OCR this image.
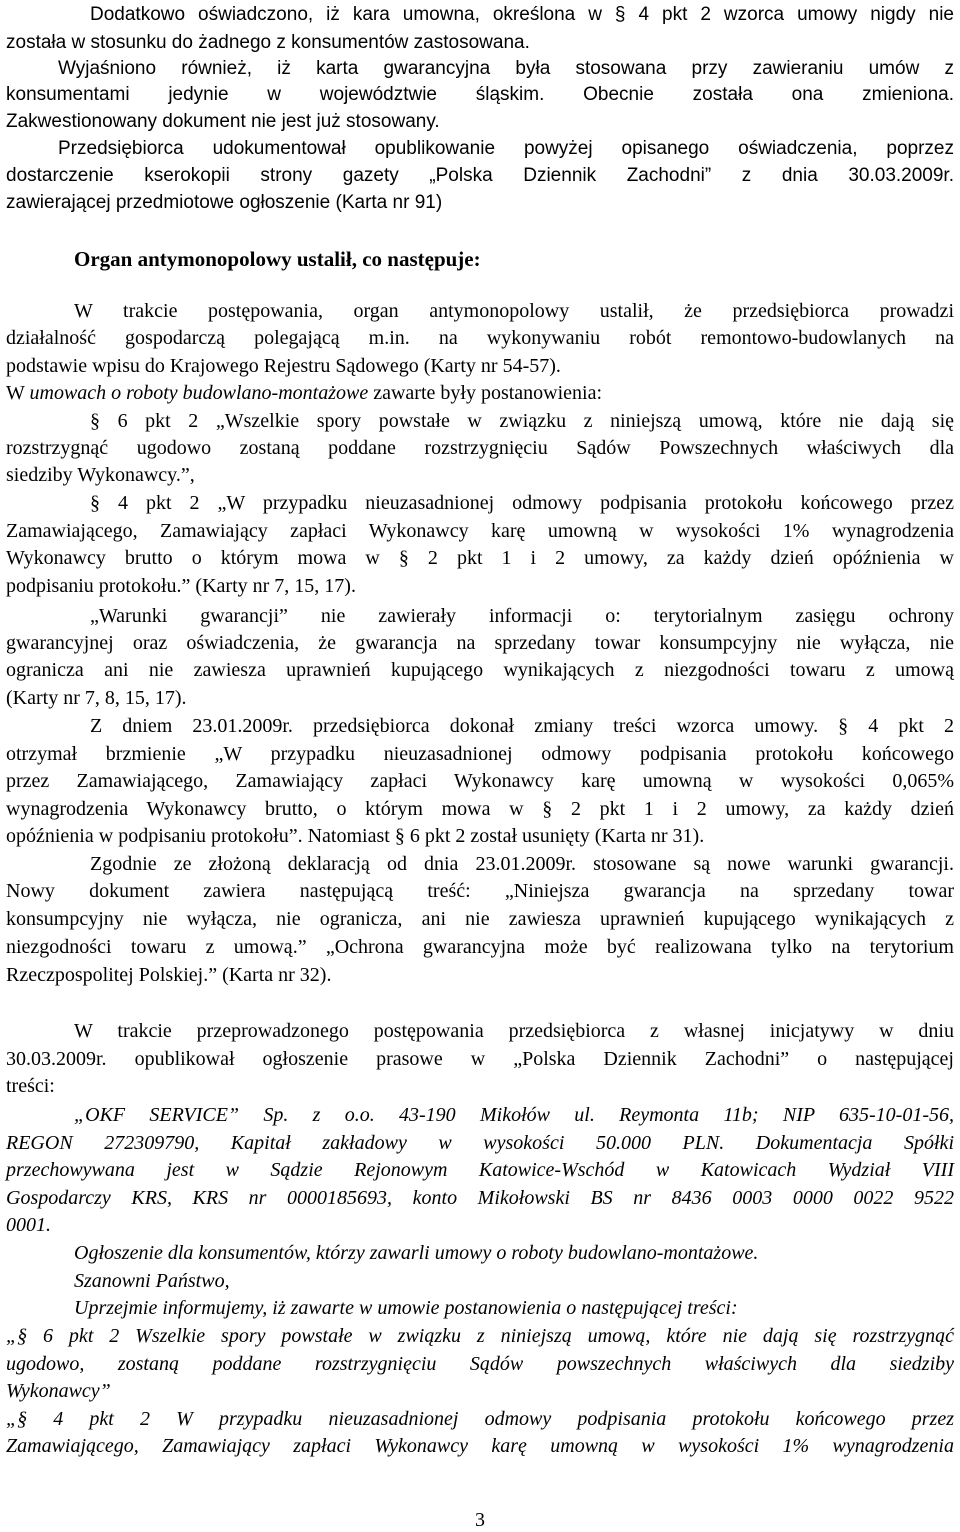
Dodatkowo oświadczono, iż kara umowna, określona w § 4 pkt 2 wzorca umowy nigdy nie
została w stosunku do żadnego z konsumentów zastosowana.
Wyjaśniono również, iż karta gwarancyjna była stosowana przy zawieraniu umów z
konsumentami jedynie w województwie śląskim. Obecnie została ona zmieniona.
Zakwestionowany dokument nie jest już stosowany.
Przedsiębiorca udokumentował opublikowanie powyżej opisanego oświadczenia, poprzez
dostarczenie kserokopii strony gazety „Polska Dziennik Zachodni” z dnia 30.03.2009r.
zawierającej przedmiotowe ogłoszenie (Karta nr 91)
Organ antymonopolowy ustalił, co następuje:
W trakcie postępowania, organ antymonopolowy ustalił, że przedsiębiorca prowadzi
działalność gospodarczą polegającą m.in. na wykonywaniu robót remontowo-budowlanych na
podstawie wpisu do Krajowego Rejestru Sądowego (Karty nr 54-57).
W umowach o roboty budowlano-montażowe zawarte były postanowienia:
§ 6 pkt 2 „Wszelkie spory powstałe w związku z niniejszą umową, które nie dają się
rozstrzygnąć ugodowo zostaną poddane rozstrzygnięciu Sądów Powszechnych właściwych dla
siedziby Wykonawcy.”,
§ 4 pkt 2 „W przypadku nieuzasadnionej odmowy podpisania protokołu końcowego przez
Zamawiającego, Zamawiający zapłaci Wykonawcy karę umowną w wysokości 1% wynagrodzenia
Wykonawcy brutto o którym mowa w § 2 pkt 1 i 2 umowy, za każdy dzień opóźnienia w
podpisaniu protokołu.” (Karty nr 7, 15, 17).
„Warunki gwarancji” nie zawierały informacji o: terytorialnym zasięgu ochrony
gwarancyjnej oraz oświadczenia, że gwarancja na sprzedany towar konsumpcyjny nie wyłącza, nie
ogranicza ani nie zawiesza uprawnień kupującego wynikających z niezgodności towaru z umową
(Karty nr 7, 8, 15, 17).
Z dniem 23.01.2009r. przedsiębiorca dokonał zmiany treści wzorca umowy. § 4 pkt 2
otrzymał brzmienie „W przypadku nieuzasadnionej odmowy podpisania protokołu końcowego
przez Zamawiającego, Zamawiający zapłaci Wykonawcy karę umowną w wysokości 0,065%
wynagrodzenia Wykonawcy brutto, o którym mowa w § 2 pkt 1 i 2 umowy, za każdy dzień
opóźnienia w podpisaniu protokołu”. Natomiast § 6 pkt 2 został usunięty (Karta nr 31).
Zgodnie ze złożoną deklaracją od dnia 23.01.2009r. stosowane są nowe warunki gwarancji.
Nowy dokument zawiera następującą treść: „Niniejsza gwarancja na sprzedany towar
konsumpcyjny nie wyłącza, nie ogranicza, ani nie zawiesza uprawnień kupującego wynikających z
niezgodności towaru z umową.” „Ochrona gwarancyjna może być realizowana tylko na terytorium
Rzeczpospolitej Polskiej.” (Karta nr 32).
W trakcie przeprowadzonego postępowania przedsiębiorca z własnej inicjatywy w dniu
30.03.2009r. opublikował ogłoszenie prasowe w „Polska Dziennik Zachodni” o następującej
treści:
„OKF SERVICE” Sp. z o.o. 43-190 Mikołów ul. Reymonta 11b; NIP 635-10-01-56,
REGON 272309790, Kapitał zakładowy w wysokości 50.000 PLN. Dokumentacja Spółki
przechowywana jest w Sądzie Rejonowym Katowice-Wschód w Katowicach Wydział VIII
Gospodarczy KRS, KRS nr 0000185693, konto Mikołowski BS nr 8436 0003 0000 0022 9522
0001.
Ogłoszenie dla konsumentów, którzy zawarli umowy o roboty budowlano-montażowe.
Szanowni Państwo,
Uprzejmie informujemy, iż zawarte w umowie postanowienia o następującej treści:
„§ 6 pkt 2 Wszelkie spory powstałe w związku z niniejszą umową, które nie dają się rozstrzygnąć
ugodowo, zostaną poddane rozstrzygnięciu Sądów powszechnych właściwych dla siedziby
Wykonawcy”
„§ 4 pkt 2 W przypadku nieuzasadnionej odmowy podpisania protokołu końcowego przez
Zamawiającego, Zamawiający zapłaci Wykonawcy karę umowną w wysokości 1% wynagrodzenia
3
